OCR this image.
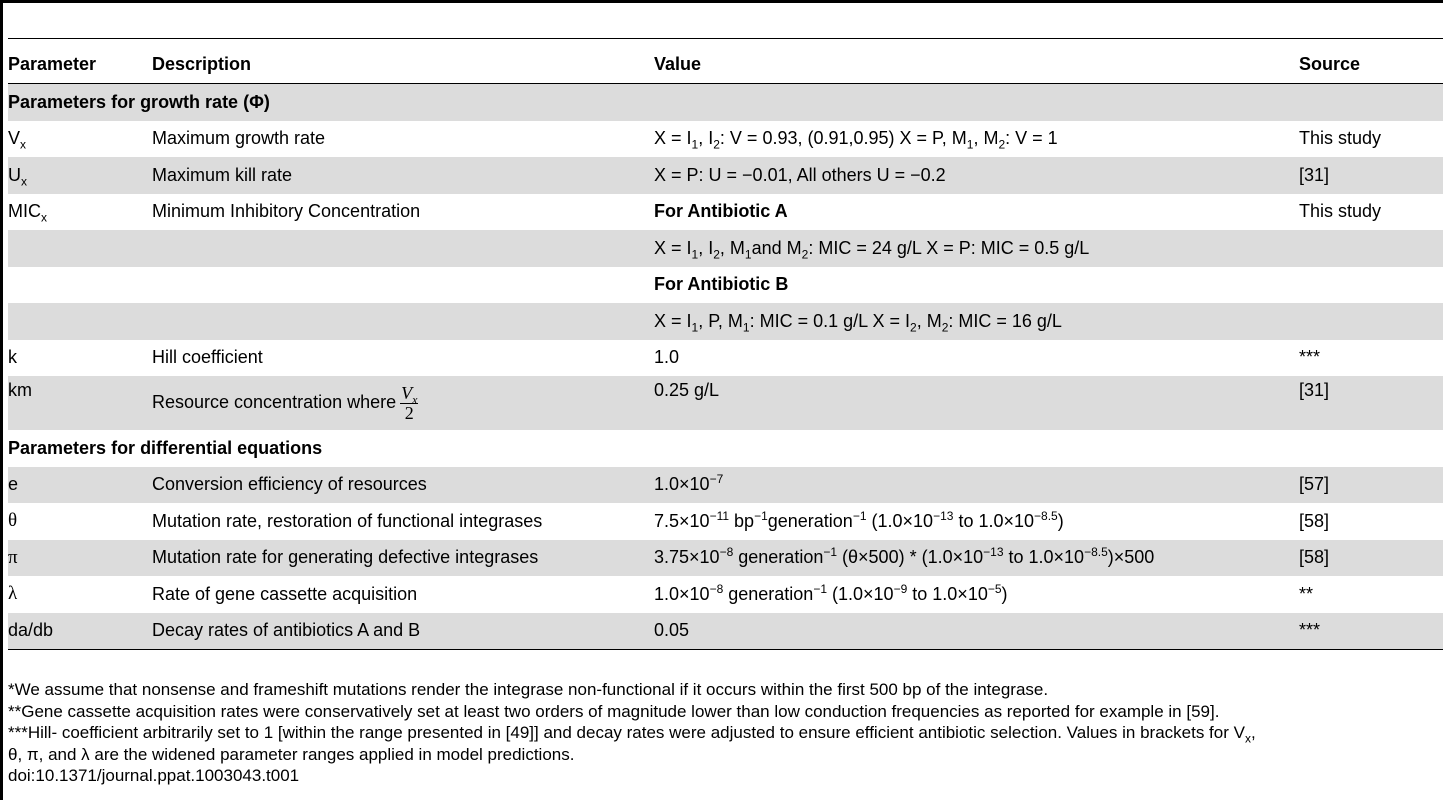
Parameter	Description	Value	Source
Parameters for growth rate (Φ)			
$V_x$	Maximum growth rate	$X = I_1$, $I_2$: V = 0.93, (0.91,0.95) X = P, $M_1$, $M_2$: V = 1	This study
$U_x$	Maximum kill rate	X = P: U = −0.01, All others U = −0.2	[31]
$MIC_x$	Minimum Inhibitory Concentration	For Antibiotic A	This study
		$X = I_1$, $I_2$, $M_1and$ $M_2$: MIC = 24 g/L X = P: MIC = 0.5 g/L	
		For Antibiotic B	
		$X = I_1$, P, $M_1$: MIC = 0.1 g/L $X = I_2$, $M_2$: MIC = 16 g/L	
k	Hill coefficient	1.0	***
km	Resource concentration where $\frac{V_x}{2}$	0.25 g/L	[31]
Parameters for differential equations			
e	Conversion efficiency of resources	$1.0\times 10^{-7}$	[57]
θ	Mutation rate, restoration of functional integrases	$7.5\times 10^{-11}$ $bp^{-1}generation^{-1}$ ($1.0\times 10^{-13}$ to $1.0\times 10^{-8.5}$)	[58]
π	Mutation rate for generating defective integrases	$3.75\times 10^{-8}$ generation$^{-1}$ $(\theta\times 500) * (1.0\times 10^{-13}$ to $1.0\times 10^{-8.5})\times 500$	[58]
λ	Rate of gene cassette acquisition	$1.0\times 10^{-8}$ generation$^{-1}$ ($1.0\times 10^{-9}$ to $1.0\times 10^{-5}$)	**
da/db	Decay rates of antibiotics A and B	0.05	***

*We assume that nonsense and frameshift mutations render the integrase non-functional if it occurs within the first 500 bp of the integrase.

**Gene cassette acquisition rates were conservatively set at least two orders of magnitude lower than low conduction frequencies as reported for example in [59].

***Hill- coefficient arbitrarily set to 1 [within the range presented in [49]] and decay rates were adjusted to ensure efficient antibiotic selection. Values in brackets for $V_x$,

θ, π, and λ are the widened parameter ranges applied in model predictions.

doi:10.1371/journal.ppat.1003043.t001
